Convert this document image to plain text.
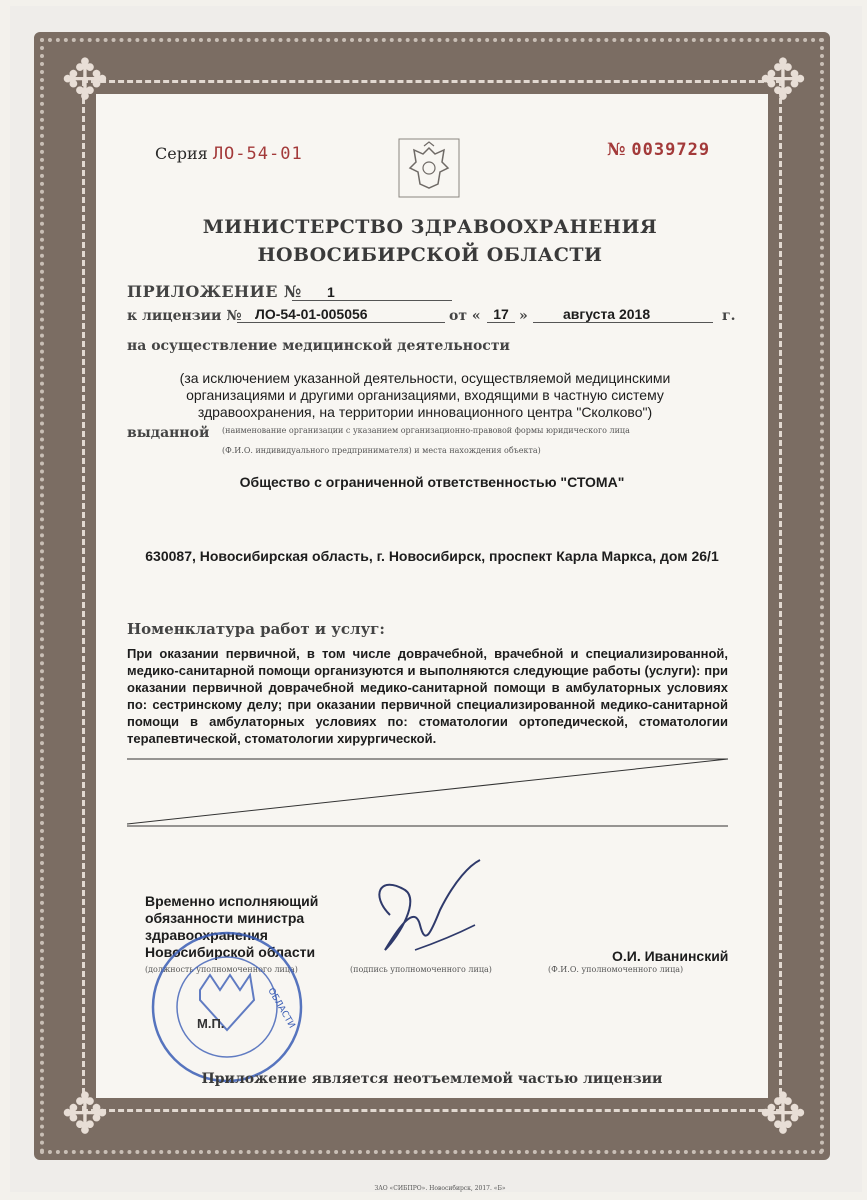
✥	✥
✥	✥
Серия ЛО-54-01	№ 0039729
МИНИСТЕРСТВО ЗДРАВООХРАНЕНИЯ
НОВОСИБИРСКОЙ ОБЛАСТИ
ПРИЛОЖЕНИЕ №	1
к лицензии № ЛО-54-01-005056	от « 17 »	августа 2018	г.
на осуществление медицинской деятельности
(за исключением указанной деятельности, осуществляемой медицинскими организациями и другими организациями, входящими в частную систему здравоохранения, на территории инновационного центра "Сколково")
выданной (наименование организации с указанием организационно-правовой формы юридического лица
(Ф.И.О. индивидуального предпринимателя) и места нахождения объекта)
Общество с ограниченной ответственностью "СТОМА"
630087, Новосибирская область, г. Новосибирск, проспект Карла Маркса, дом 26/1
Номенклатура работ и услуг:
При оказании первичной, в том числе доврачебной, врачебной и специализированной, медико-санитарной помощи организуются и выполняются следующие работы (услуги): при оказании первичной доврачебной медико-санитарной помощи в амбулаторных условиях по: сестринскому делу; при оказании первичной специализированной медико-санитарной помощи в амбулаторных условиях по: стоматологии ортопедической, стоматологии терапевтической, стоматологии хирургической.
Временно исполняющий обязанности министра здравоохранения Новосибирской области
(должность уполномоченного лица)	(подпись уполномоченного лица)
О.И. Иванинский
(Ф.И.О. уполномоченного лица)
ОБЛАСТИ
М.П.
Приложение является неотъемлемой частью лицензии
ЗАО «СИБПРО». Новосибирск, 2017. «Б»
